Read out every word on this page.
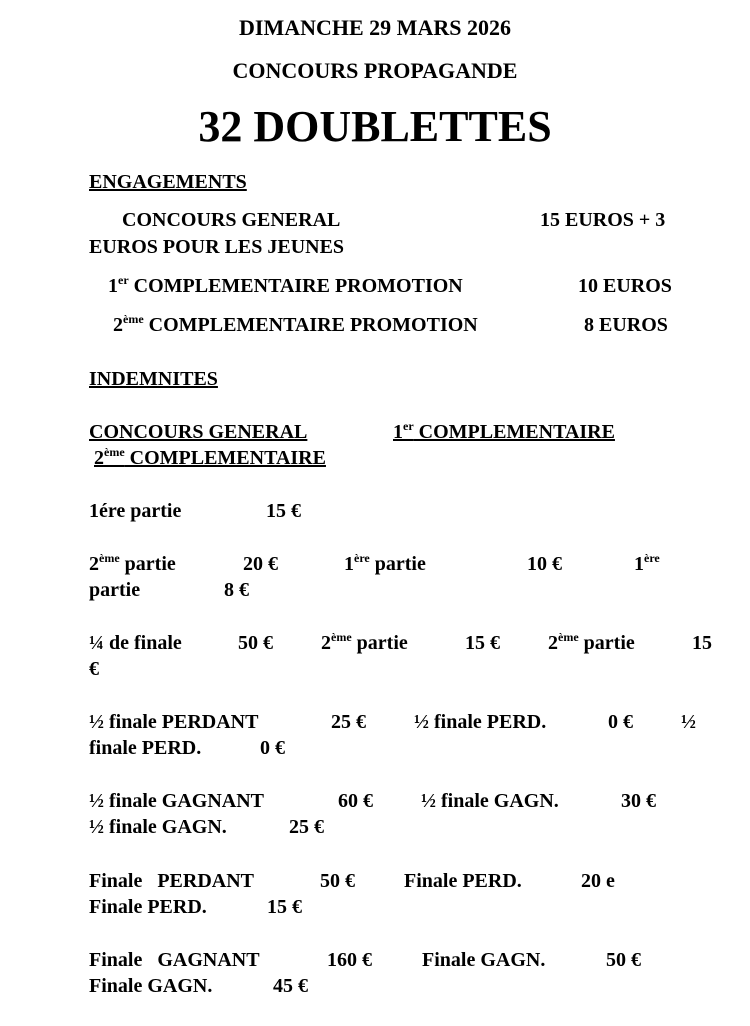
DIMANCHE 29 MARS 2026
CONCOURS PROPAGANDE
32 DOUBLETTES
ENGAGEMENTS
CONCOURS GENERAL	15 EUROS + 3
EUROS POUR LES JEUNES
1er COMPLEMENTAIRE PROMOTION	10 EUROS
2ème COMPLEMENTAIRE PROMOTION	8 EUROS
INDEMNITES
CONCOURS GENERAL	1er COMPLEMENTAIRE
2ème COMPLEMENTAIRE
1ére partie	15 €
2ème partie	20 €	1ère partie	10 €	1ère
partie	8 €
¼ de finale	50 € 2ème partie	15 € 2ème partie	15
€
½ finale PERDANT	25 € ½ finale PERD.	0 € ½
finale PERD.	0 €
½ finale GAGNANT	60 € ½ finale GAGN.	30 €
½ finale GAGN.	25 €
Finale   PERDANT	50 € Finale PERD.	20 e
Finale PERD.	15 €
Finale   GAGNANT	160 €	Finale GAGN.	50 €
Finale GAGN.	45 €
